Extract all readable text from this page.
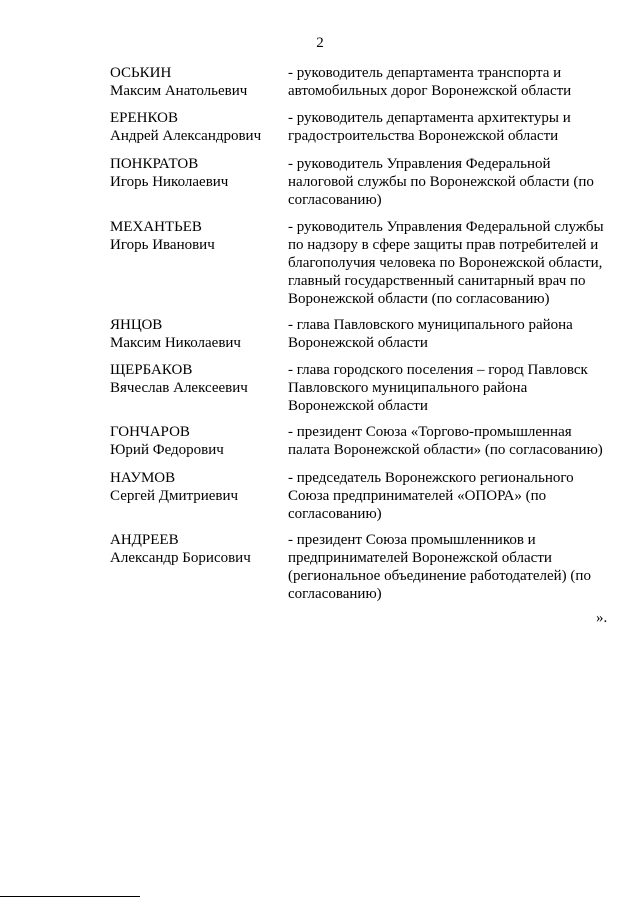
2
ОСЬКИН
Максим Анатольевич
- руководитель департамента транспорта и
автомобильных дорог Воронежской области
ЕРЕНКОВ
Андрей Александрович
- руководитель департамента архитектуры и
градостроительства Воронежской области
ПОНКРАТОВ
Игорь Николаевич
- руководитель Управления Федеральной
налоговой службы по Воронежской области (по
согласованию)
МЕХАНТЬЕВ
Игорь Иванович
- руководитель Управления Федеральной службы
по надзору в сфере защиты прав потребителей и
благополучия человека по Воронежской области,
главный государственный санитарный врач по
Воронежской области (по согласованию)
ЯНЦОВ
Максим Николаевич
- глава Павловского муниципального района
Воронежской области
ЩЕРБАКОВ
Вячеслав Алексеевич
- глава городского поселения – город Павловск
Павловского муниципального района
Воронежской области
ГОНЧАРОВ
Юрий Федорович
- президент Союза «Торгово-промышленная
палата Воронежской области» (по согласованию)
НАУМОВ
Сергей Дмитриевич
- председатель Воронежского регионального
Союза предпринимателей «ОПОРА» (по
согласованию)
АНДРЕЕВ
Александр Борисович
- президент Союза промышленников и
предпринимателей Воронежской области
(региональное объединение работодателей) (по
согласованию)
».
